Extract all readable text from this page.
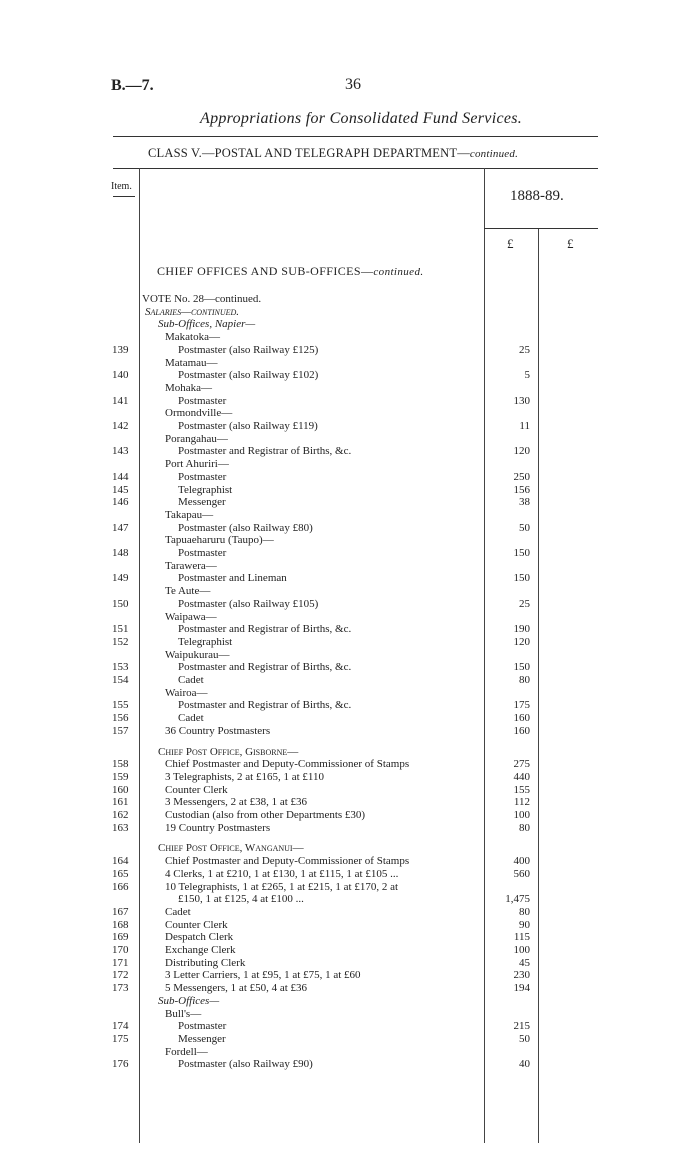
B.—7.	36
Appropriations for Consolidated Fund Services.
CLASS V.—POSTAL AND TELEGRAPH DEPARTMENT—continued.
Item.
1888-89.
£	£
CHIEF OFFICES AND SUB-OFFICES—continued.
VOTE No. 28—continued.
Salaries—continued.
Sub-Offices, Napier—
Makatoka—
139	Postmaster (also Railway £125)	25
Matamau—
140	Postmaster (also Railway £102)	5
Mohaka—
141	Postmaster	130
Ormondville—
142	Postmaster (also Railway £119)	11
Porangahau—
143	Postmaster and Registrar of Births, &c.	120
Port Ahuriri—
144	Postmaster	250
145	Telegraphist	156
146	Messenger	38
Takapau—
147	Postmaster (also Railway £80)	50
Tapuaeharuru (Taupo)—
148	Postmaster	150
Tarawera—
149	Postmaster and Lineman	150
Te Aute—
150	Postmaster (also Railway £105)	25
Waipawa—
151	Postmaster and Registrar of Births, &c.	190
152	Telegraphist	120
Waipukurau—
153	Postmaster and Registrar of Births, &c.	150
154	Cadet	80
Wairoa—
155	Postmaster and Registrar of Births, &c.	175
156	Cadet	160
157	36 Country Postmasters	160
Chief Post Office, Gisborne—
158	Chief Postmaster and Deputy-Commissioner of Stamps	275
159	3 Telegraphists, 2 at £165, 1 at £110	440
160	Counter Clerk	155
161	3 Messengers, 2 at £38, 1 at £36	112
162	Custodian (also from other Departments £30)	100
163	19 Country Postmasters	80
Chief Post Office, Wanganui—
164	Chief Postmaster and Deputy-Commissioner of Stamps	400
165	4 Clerks, 1 at £210, 1 at £130, 1 at £115, 1 at £105 ...	560
166	10 Telegraphists, 1 at £265, 1 at £215, 1 at £170, 2 at
£150, 1 at £125, 4 at £100 ...	1,475
167	Cadet	80
168	Counter Clerk	90
169	Despatch Clerk	115
170	Exchange Clerk	100
171	Distributing Clerk	45
172	3 Letter Carriers, 1 at £95, 1 at £75, 1 at £60	230
173	5 Messengers, 1 at £50, 4 at £36	194
Sub-Offices—
Bull's—
174	Postmaster	215
175	Messenger	50
Fordell—
176	Postmaster (also Railway £90)	40
